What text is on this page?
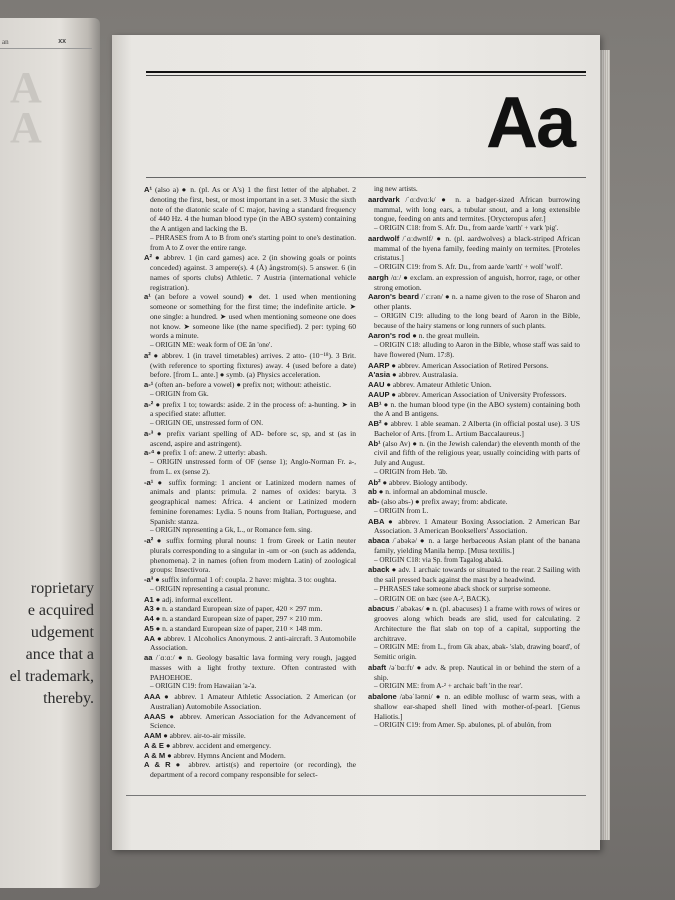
an	xx
A
A
roprietary
e acquired
udgement
ance that a
el trademark,
thereby.
Aa
A¹ (also a) ● n. (pl. As or A's) 1 the first letter of the alphabet. 2 denoting the first, best, or most important in a set. 3 Music the sixth note of the diatonic scale of C major, having a standard frequency of 440 Hz. 4 the human blood type (in the ABO system) containing the A antigen and lacking the B.
– PHRASES from A to B from one's starting point to one's destination. from A to Z over the entire range.
A² ● abbrev. 1 (in card games) ace. 2 (in showing goals or points conceded) against. 3 ampere(s). 4 (Å) ångstrom(s). 5 answer. 6 (in names of sports clubs) Athletic. 7 Austria (international vehicle registration).
a¹ (an before a vowel sound) ● det. 1 used when mentioning someone or something for the first time; the indefinite article. ➤ one single: a hundred. ➤ used when mentioning someone one does not know. ➤ someone like (the name specified). 2 per: typing 60 words a minute.
– ORIGIN ME: weak form of OE ān 'one'.
a² ● abbrev. 1 (in travel timetables) arrives. 2 atto- (10⁻¹⁸). 3 Brit. (with reference to sporting fixtures) away. 4 (used before a date) before. [from L. ante.] ● symb. (a) Physics acceleration.
a-¹ (often an- before a vowel) ● prefix not; without: atheistic.
– ORIGIN from Gk.
a-² ● prefix 1 to; towards: aside. 2 in the process of: a-hunting. ➤ in a specified state: aflutter.
– ORIGIN OE, unstressed form of ON.
a-³ ● prefix variant spelling of AD- before sc, sp, and st (as in ascend, aspire and astringent).
a-⁴ ● prefix 1 of: anew. 2 utterly: abash.
– ORIGIN unstressed form of OF (sense 1); Anglo-Norman Fr. a-, from L. ex (sense 2).
-a¹ ● suffix forming: 1 ancient or Latinized modern names of animals and plants: primula. 2 names of oxides: baryta. 3 geographical names: Africa. 4 ancient or Latinized modern feminine forenames: Lydia. 5 nouns from Italian, Portuguese, and Spanish: stanza.
– ORIGIN representing a Gk, L., or Romance fem. sing.
-a² ● suffix forming plural nouns: 1 from Greek or Latin neuter plurals corresponding to a singular in -um or -on (such as addenda, phenomena). 2 in names (often from modern Latin) of zoological groups: Insectivora.
-a³ ● suffix informal 1 of: coupla. 2 have: mighta. 3 to: oughta.
– ORIGIN representing a casual pronunc.
A1 ● adj. informal excellent.
A3 ● n. a standard European size of paper, 420 × 297 mm.
A4 ● n. a standard European size of paper, 297 × 210 mm.
A5 ● n. a standard European size of paper, 210 × 148 mm.
AA ● abbrev. 1 Alcoholics Anonymous. 2 anti-aircraft. 3 Automobile Association.
aa /ˈɑːɑː/ ● n. Geology basaltic lava forming very rough, jagged masses with a light frothy texture. Often contrasted with PAHOEHOE.
– ORIGIN C19: from Hawaiian 'a-'a.
AAA ● abbrev. 1 Amateur Athletic Association. 2 American (or Australian) Automobile Association.
AAAS ● abbrev. American Association for the Advancement of Science.
AAM ● abbrev. air-to-air missile.
A & E ● abbrev. accident and emergency.
A & M ● abbrev. Hymns Ancient and Modern.
A & R ● abbrev. artist(s) and repertoire (or recording), the department of a record company responsible for select-
ing new artists.
aardvark /ˈɑːdvɑːk/ ● n. a badger-sized African burrowing mammal, with long ears, a tubular snout, and a long extensible tongue, feeding on ants and termites. [Orycteropus afer.]
– ORIGIN C18: from S. Afr. Du., from aarde 'earth' + vark 'pig'.
aardwolf /ˈɑːdwʊlf/ ● n. (pl. aardwolves) a black-striped African mammal of the hyena family, feeding mainly on termites. [Proteles cristatus.]
– ORIGIN C19: from S. Afr. Du., from aarde 'earth' + wolf 'wolf'.
aargh /ɑː/ ● exclam. an expression of anguish, horror, rage, or other strong emotion.
Aaron's beard /ˈɛːrən/ ● n. a name given to the rose of Sharon and other plants.
– ORIGIN C19: alluding to the long beard of Aaron in the Bible, because of the hairy stamens or long runners of such plants.
Aaron's rod ● n. the great mullein.
– ORIGIN C18: alluding to Aaron in the Bible, whose staff was said to have flowered (Num. 17:8).
AARP ● abbrev. American Association of Retired Persons.
A'asia ● abbrev. Australasia.
AAU ● abbrev. Amateur Athletic Union.
AAUP ● abbrev. American Association of University Professors.
AB¹ ● n. the human blood type (in the ABO system) containing both the A and B antigens.
AB² ● abbrev. 1 able seaman. 2 Alberta (in official postal use). 3 US Bachelor of Arts. [from L. Artium Baccalaureus.]
Ab¹ (also Av) ● n. (in the Jewish calendar) the eleventh month of the civil and fifth of the religious year, usually coinciding with parts of July and August.
– ORIGIN from Heb. 'āb.
Ab² ● abbrev. Biology antibody.
ab ● n. informal an abdominal muscle.
ab- (also abs-) ● prefix away; from: abdicate.
– ORIGIN from L.
ABA ● abbrev. 1 Amateur Boxing Association. 2 American Bar Association. 3 American Booksellers' Association.
abaca /ˈabəkə/ ● n. a large herbaceous Asian plant of the banana family, yielding Manila hemp. [Musa textilis.]
– ORIGIN C18: via Sp. from Tagalog abaká.
aback ● adv. 1 archaic towards or situated to the rear. 2 Sailing with the sail pressed back against the mast by a headwind.
– PHRASES take someone aback shock or surprise someone.
– ORIGIN OE on bæc (see A-², BACK).
abacus /ˈabəkəs/ ● n. (pl. abacuses) 1 a frame with rows of wires or grooves along which beads are slid, used for calculating. 2 Architecture the flat slab on top of a capital, supporting the architrave.
– ORIGIN ME: from L., from Gk abax, abak- 'slab, drawing board', of Semitic origin.
abaft /əˈbɑːft/ ● adv. & prep. Nautical in or behind the stern of a ship.
– ORIGIN ME: from A-² + archaic baft 'in the rear'.
abalone /abəˈləʊni/ ● n. an edible mollusc of warm seas, with a shallow ear-shaped shell lined with mother-of-pearl. [Genus Haliotis.]
– ORIGIN C19: from Amer. Sp. abulones, pl. of abulón, from
